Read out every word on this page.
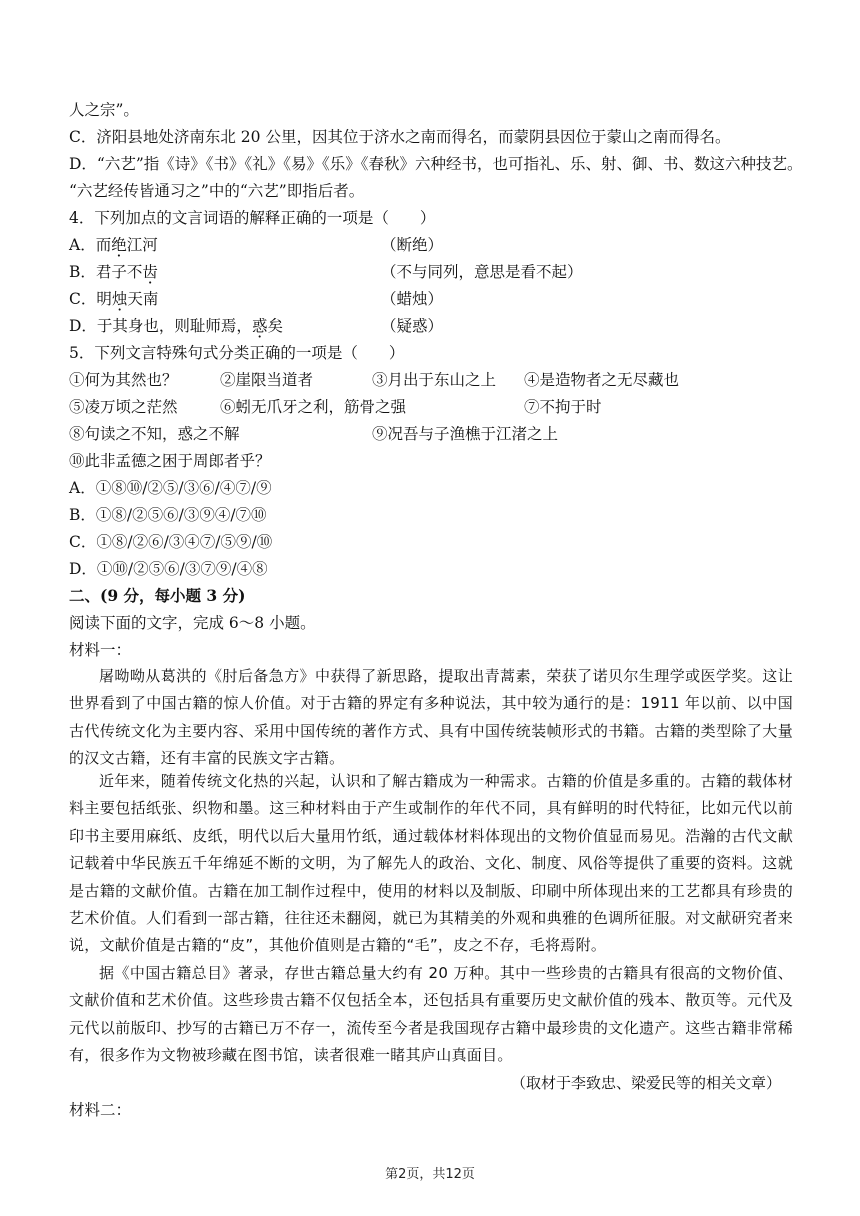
人之宗”。
C．济阳县地处济南东北 20 公里，因其位于济水之南而得名，而蒙阴县因位于蒙山之南而得名。
D．“六艺”指《诗》《书》《礼》《易》《乐》《春秋》六种经书，也可指礼、乐、射、御、书、数这六种技艺。
“六艺经传皆通习之”中的“六艺”即指后者。
4．下列加点的文言词语的解释正确的一项是（　　）
A．而绝江河	（断绝）
B．君子不齿	（不与同列，意思是看不起）
C．明烛天南	（蜡烛）
D．于其身也，则耻师焉，惑矣	（疑惑）
5．下列文言特殊句式分类正确的一项是（　　）
①何为其然也？	②崖限当道者	③月出于东山之上 ④是造物者之无尽藏也
⑤凌万顷之茫然	⑥蚓无爪牙之利，筋骨之强	⑦不拘于时
⑧句读之不知，惑之不解	⑨况吾与子渔樵于江渚之上
⑩此非孟德之困于周郎者乎？
A．①⑧⑩/②⑤/③⑥/④⑦/⑨
B．①⑧/②⑤⑥/③⑨④/⑦⑩
C．①⑧/②⑥/③④⑦/⑤⑨/⑩
D．①⑩/②⑤⑥/③⑦⑨/④⑧
二、(9 分，每小题 3 分)
阅读下面的文字，完成 6～8 小题。
材料一：
屠呦呦从葛洪的《肘后备急方》中获得了新思路，提取出青蒿素，荣获了诺贝尔生理学或医学奖。这让世界看到了中国古籍的惊人价值。对于古籍的界定有多种说法，其中较为通行的是：1911 年以前、以中国古代传统文化为主要内容、采用中国传统的著作方式、具有中国传统装帧形式的书籍。古籍的类型除了大量的汉文古籍，还有丰富的民族文字古籍。
近年来，随着传统文化热的兴起，认识和了解古籍成为一种需求。古籍的价值是多重的。古籍的载体材料主要包括纸张、织物和墨。这三种材料由于产生或制作的年代不同，具有鲜明的时代特征，比如元代以前印书主要用麻纸、皮纸，明代以后大量用竹纸，通过载体材料体现出的文物价值显而易见。浩瀚的古代文献记载着中华民族五千年绵延不断的文明，为了解先人的政治、文化、制度、风俗等提供了重要的资料。这就是古籍的文献价值。古籍在加工制作过程中，使用的材料以及制版、印刷中所体现出来的工艺都具有珍贵的艺术价值。人们看到一部古籍，往往还未翻阅，就已为其精美的外观和典雅的色调所征服。对文献研究者来说，文献价值是古籍的“皮”，其他价值则是古籍的“毛”，皮之不存，毛将焉附。
据《中国古籍总目》著录，存世古籍总量大约有 20 万种。其中一些珍贵的古籍具有很高的文物价值、文献价值和艺术价值。这些珍贵古籍不仅包括全本，还包括具有重要历史文献价值的残本、散页等。元代及元代以前版印、抄写的古籍已万不存一，流传至今者是我国现存古籍中最珍贵的文化遗产。这些古籍非常稀有，很多作为文物被珍藏在图书馆，读者很难一睹其庐山真面目。
（取材于李致忠、梁爱民等的相关文章）
材料二：
第2页，共12页
